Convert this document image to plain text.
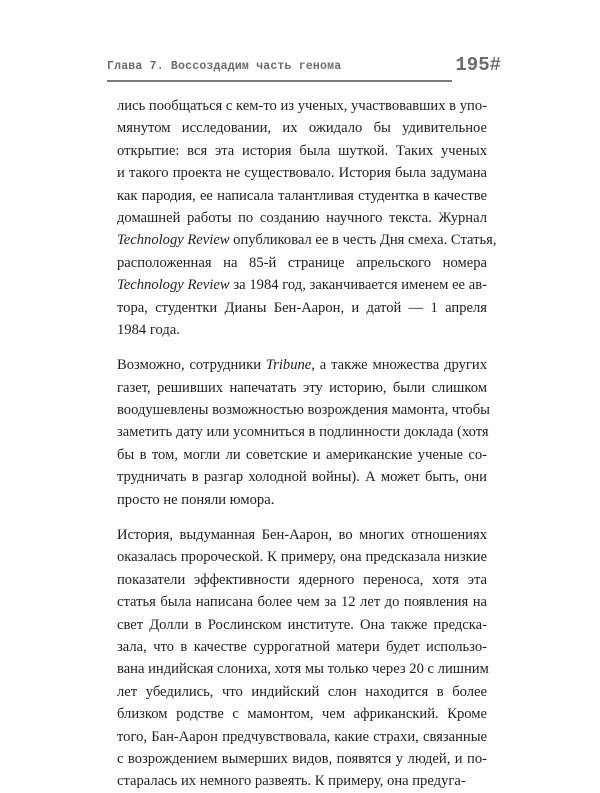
Глава 7. Воссоздадим часть генома	195#
лись пообщаться с кем-то из ученых, участвовавших в упо-
мянутом исследовании, их ожидало бы удивительное
открытие: вся эта история была шуткой. Таких ученых
и такого проекта не существовало. История была задумана
как пародия, ее написала талантливая студентка в качестве
домашней работы по созданию научного текста. Журнал
Technology Review опубликовал ее в честь Дня смеха. Статья,
расположенная на 85-й странице апрельского номера
Technology Review за 1984 год, заканчивается именем ее ав-
тора, студентки Дианы Бен-Аарон, и датой — 1 апреля
1984 года.
Возможно, сотрудники Tribune, а также множества других
газет, решивших напечатать эту историю, были слишком
воодушевлены возможностью возрождения мамонта, чтобы
заметить дату или усомниться в подлинности доклада (хотя
бы в том, могли ли советские и американские ученые со-
трудничать в разгар холодной войны). А может быть, они
просто не поняли юмора.
История, выдуманная Бен-Аарон, во многих отношениях
оказалась пророческой. К примеру, она предсказала низкие
показатели эффективности ядерного переноса, хотя эта
статья была написана более чем за 12 лет до появления на
свет Долли в Рослинском институте. Она также предска-
зала, что в качестве суррогатной матери будет использо-
вана индийская слониха, хотя мы только через 20 с лишним
лет убедились, что индийский слон находится в более
близком родстве с мамонтом, чем африканский. Кроме
того, Бан-Аарон предчувствовала, какие страхи, связанные
с возрождением вымерших видов, появятся у людей, и по-
старалась их немного развеять. К примеру, она предуга-
